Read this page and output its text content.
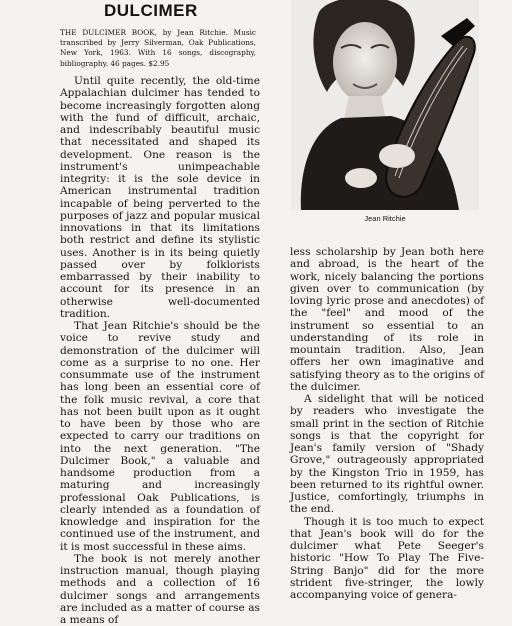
DULCIMER
THE DULCIMER BOOK, by Jean Ritchie. Music transcribed by Jerry Silverman, Oak Publications, New York, 1963. With 16 songs, discography, bibliography. 46 pages. $2.95

Until quite recently, the old-time Appalachian dulcimer has tended to become increasingly forgotten along with the fund of difficult, archaic, and indescribably beautiful music that necessitated and shaped its development. One reason is the instrument's unimpeachable integrity: it is the sole device in American instrumental tradition incapable of being perverted to the purposes of jazz and popular musical innovations in that its limitations both restrict and define its stylistic uses. Another is in its being quietly passed over by folklorists embarrassed by their inability to account for its presence in an otherwise well-documented tradition.

That Jean Ritchie's should be the voice to revive study and demonstration of the dulcimer will come as a surprise to no one. Her consummate use of the instrument has long been an essential core of the folk music revival, a core that has not been built upon as it ought to have been by those who are expected to carry our traditions on into the next generation. "The Dulcimer Book," a valuable and handsome production from a maturing and increasingly professional Oak Publications, is clearly intended as a foundation of knowledge and inspiration for the continued use of the instrument, and it is most successful in these aims.

The book is not merely another instruction manual, though playing methods and a collection of 16 dulcimer songs and arrangements are included as a matter of course as a means of

Jean Ritchie

less scholarship by Jean both here and abroad, is the heart of the work, nicely balancing the portions given over to communication (by loving lyric prose and anecdotes) of the "feel" and mood of the instrument so essential to an understanding of its role in mountain tradition. Also, Jean offers her own imaginative and satisfying theory as to the origins of the dulcimer.

A sidelight that will be noticed by readers who investigate the small print in the section of Ritchie songs is that the copyright for Jean's family version of "Shady Grove," outrageously appropriated by the Kingston Trio in 1959, has been returned to its rightful owner. Justice, comfortingly, triumphs in the end.

Though it is too much to expect that Jean's book will do for the dulcimer what Pete Seeger's historic "How To Play The Five-String Banjo" did for the more strident five-stringer, the lowly accompanying voice of genera-
